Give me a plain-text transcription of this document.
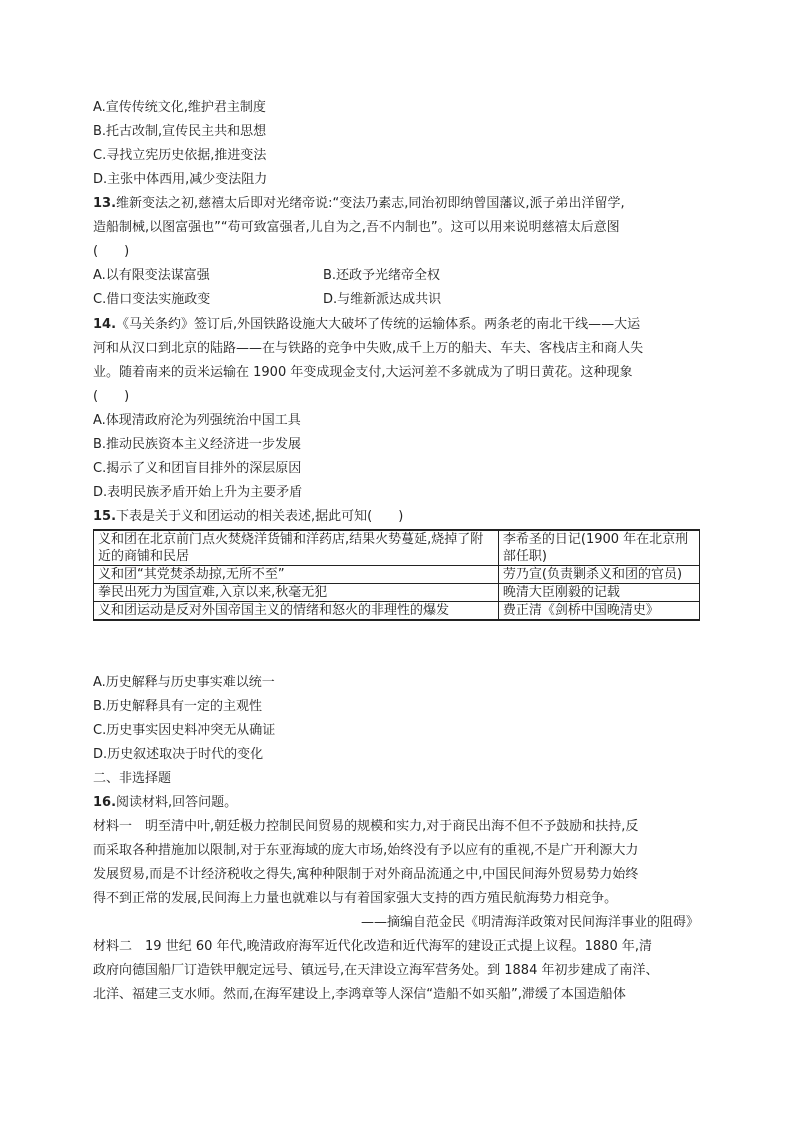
A.宣传传统文化,维护君主制度
B.托古改制,宣传民主共和思想
C.寻找立宪历史依据,推进变法
D.主张中体西用,减少变法阻力
13.维新变法之初,慈禧太后即对光绪帝说:“变法乃素志,同治初即纳曾国藩议,派子弟出洋留学,
造船制械,以图富强也”“苟可致富强者,儿自为之,吾不内制也”。这可以用来说明慈禧太后意图
(　　)
A.以有限变法谋富强	B.还政予光绪帝全权
C.借口变法实施政变	D.与维新派达成共识
14.《马关条约》签订后,外国铁路设施大大破坏了传统的运输体系。两条老的南北干线——大运
河和从汉口到北京的陆路——在与铁路的竞争中失败,成千上万的船夫、车夫、客栈店主和商人失
业。随着南来的贡米运输在 1900 年变成现金支付,大运河差不多就成为了明日黄花。这种现象
(　　)
A.体现清政府沦为列强统治中国工具
B.推动民族资本主义经济进一步发展
C.揭示了义和团盲目排外的深层原因
D.表明民族矛盾开始上升为主要矛盾
15.下表是关于义和团运动的相关表述,据此可知(　　)
义和团在北京前门点火焚烧洋货铺和洋药店,结果火势蔓延,烧掉了附近的商铺和民居	李希圣的日记(1900 年在北京刑部任职)
义和团“其党焚杀劫掠,无所不至”	劳乃宣(负责剿杀义和团的官员)
拳民出死力为国宣难,入京以来,秋毫无犯	晚清大臣刚毅的记载
义和团运动是反对外国帝国主义的情绪和怒火的非理性的爆发	费正清《剑桥中国晚清史》
A.历史解释与历史事实难以统一
B.历史解释具有一定的主观性
C.历史事实因史料冲突无从确证
D.历史叙述取决于时代的变化
二、非选择题
16.阅读材料,回答问题。
材料一 明至清中叶,朝廷极力控制民间贸易的规模和实力,对于商民出海不但不予鼓励和扶持,反
而采取各种措施加以限制,对于东亚海域的庞大市场,始终没有予以应有的重视,不是广开利源大力
发展贸易,而是不计经济税收之得失,寓种种限制于对外商品流通之中,中国民间海外贸易势力始终
得不到正常的发展,民间海上力量也就难以与有着国家强大支持的西方殖民航海势力相竞争。
——摘编自范金民《明清海洋政策对民间海洋事业的阻碍》
材料二 19 世纪 60 年代,晚清政府海军近代化改造和近代海军的建设正式提上议程。1880 年,清
政府向德国船厂订造铁甲舰定远号、镇远号,在天津设立海军营务处。到 1884 年初步建成了南洋、
北洋、福建三支水师。然而,在海军建设上,李鸿章等人深信“造船不如买船”,滞缓了本国造船体
